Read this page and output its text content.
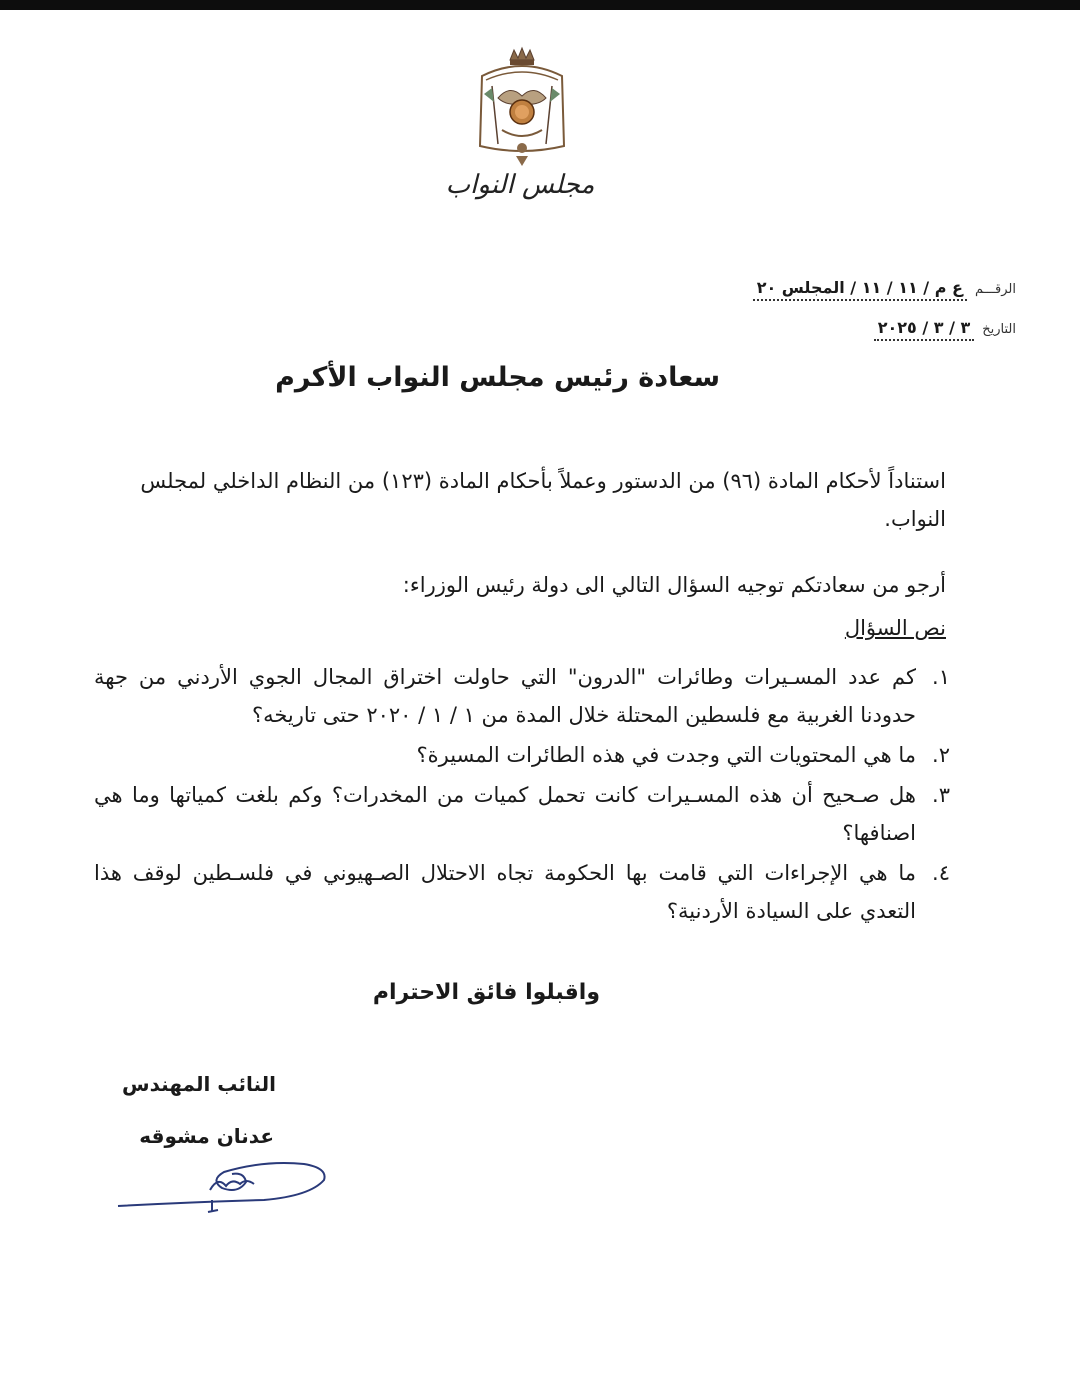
مجلس النواب
الرقـــم
ع م / ١١ / ١١ / المجلس ٢٠
التاريخ
٣ / ٣ / ٢٠٢٥
سعادة رئيس مجلس النواب الأكرم
استناداً لأحكام المادة (٩٦) من الدستور وعملاً بأحكام المادة (١٢٣) من النظام الداخلي لمجلس النواب.
أرجو من سعادتكم توجيه السؤال التالي الى دولة رئيس الوزراء:
نص السؤال
١.
كم عدد المسـيرات وطائرات "الدرون" التي حاولت اختراق المجال الجوي الأردني من جهة حدودنا الغربية مع فلسطين المحتلة خلال المدة من ١ / ١ / ٢٠٢٠ حتى تاريخه؟
٢.
ما هي المحتويات التي وجدت في هذه الطائرات المسيرة؟
٣.
هل صـحيح أن هذه المسـيرات كانت تحمل كميات من المخدرات؟ وكم بلغت كمياتها وما هي اصنافها؟
٤.
ما هي الإجراءات التي قامت بها الحكومة تجاه الاحتلال الصـهيوني في فلسـطين لوقف هذا التعدي على السيادة الأردنية؟
واقبلوا فائق الاحترام
النائب المهندس
عدنان مشوقه
